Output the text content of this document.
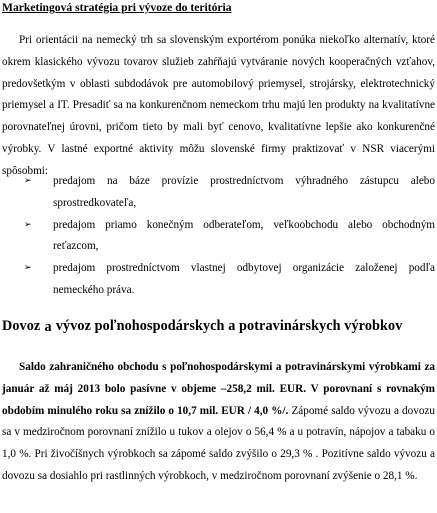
Marketingová stratégia pri vývoze do teritória

Pri orientácii na nemecký trh sa slovenským exportérom ponúka niekoľko alternatív, ktoré okrem klasického vývozu tovarov služieb zahŕňajú vytváranie nových kooperačných vzťahov, predovšetkým v oblasti subdodávok pre automobilový priemysel, strojársky, elektrotechnický priemysel a IT. Presadiť sa na konkurenčnom nemeckom trhu majú len produkty na kvalitatívne porovnateľnej úrovni, pričom tieto by mali byť cenovo, kvalitatívne lepšie ako konkurenčné výrobky. V lastné exportné aktivity môžu slovenské firmy praktizovať v NSR viacerými spôsobmi:

➢ predajom na báze provízie prostredníctvom výhradného zástupcu alebo sprostredkovateľa,
➢ predajom priamo konečným odberateľom, veľkoobchodu alebo obchodným reťazcom,
➢ predajom prostredníctvom vlastnej odbytovej organizácie založenej podľa nemeckého práva.
Dovoz a vývoz poľnohospodárskych a potravinárskych výrobkov

Saldo zahraničného obchodu s poľnohospodárskymi a potravinárskymi výrobkami za január až máj 2013 bolo pasívne v objeme –258,2 mil. EUR. V porovnaní s rovnakým obdobím minulého roku sa znížilo o 10,7 mil. EUR / 4,0 %/. Zápomé saldo vývozu a dovozu sa v medziročnom porovnaní znížilo u tukov a olejov o 56,4 % a u potravín, nápojov a tabaku o 1,0 %. Pri živočíšnych výrobkoch sa zápomé saldo zvýšilo o 29,3 % . Pozitívne saldo vývozu a dovozu sa dosiahlo pri rastlinných výrobkoch, v medziročnom porovnaní zvýšenie o 28,1 %.
